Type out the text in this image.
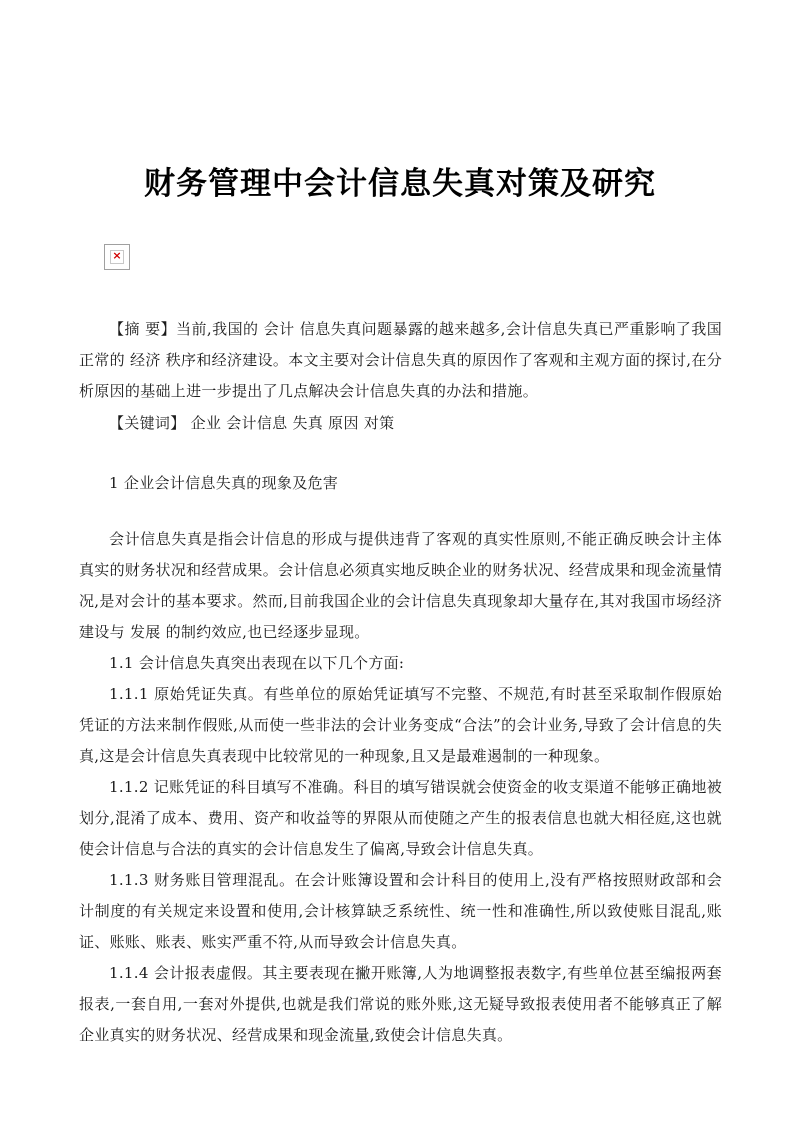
财务管理中会计信息失真对策及研究
×

【摘 要】当前,我国的 会计 信息失真问题暴露的越来越多,会计信息失真已严重影响了我国正常的 经济 秩序和经济建设。本文主要对会计信息失真的原因作了客观和主观方面的探讨,在分析原因的基础上进一步提出了几点解决会计信息失真的办法和措施。

【关键词】 企业 会计信息 失真 原因 对策

1 企业会计信息失真的现象及危害

会计信息失真是指会计信息的形成与提供违背了客观的真实性原则,不能正确反映会计主体真实的财务状况和经营成果。会计信息必须真实地反映企业的财务状况、经营成果和现金流量情况,是对会计的基本要求。然而,目前我国企业的会计信息失真现象却大量存在,其对我国市场经济建设与 发展 的制约效应,也已经逐步显现。

1.1 会计信息失真突出表现在以下几个方面:

1.1.1 原始凭证失真。有些单位的原始凭证填写不完整、不规范,有时甚至采取制作假原始凭证的方法来制作假账,从而使一些非法的会计业务变成“合法”的会计业务,导致了会计信息的失真,这是会计信息失真表现中比较常见的一种现象,且又是最难遏制的一种现象。

1.1.2 记账凭证的科目填写不准确。科目的填写错误就会使资金的收支渠道不能够正确地被划分,混淆了成本、费用、资产和收益等的界限从而使随之产生的报表信息也就大相径庭,这也就使会计信息与合法的真实的会计信息发生了偏离,导致会计信息失真。

1.1.3 财务账目管理混乱。在会计账簿设置和会计科目的使用上,没有严格按照财政部和会计制度的有关规定来设置和使用,会计核算缺乏系统性、统一性和准确性,所以致使账目混乱,账证、账账、账表、账实严重不符,从而导致会计信息失真。

1.1.4 会计报表虚假。其主要表现在撇开账簿,人为地调整报表数字,有些单位甚至编报两套报表,一套自用,一套对外提供,也就是我们常说的账外账,这无疑导致报表使用者不能够真正了解企业真实的财务状况、经营成果和现金流量,致使会计信息失真。
